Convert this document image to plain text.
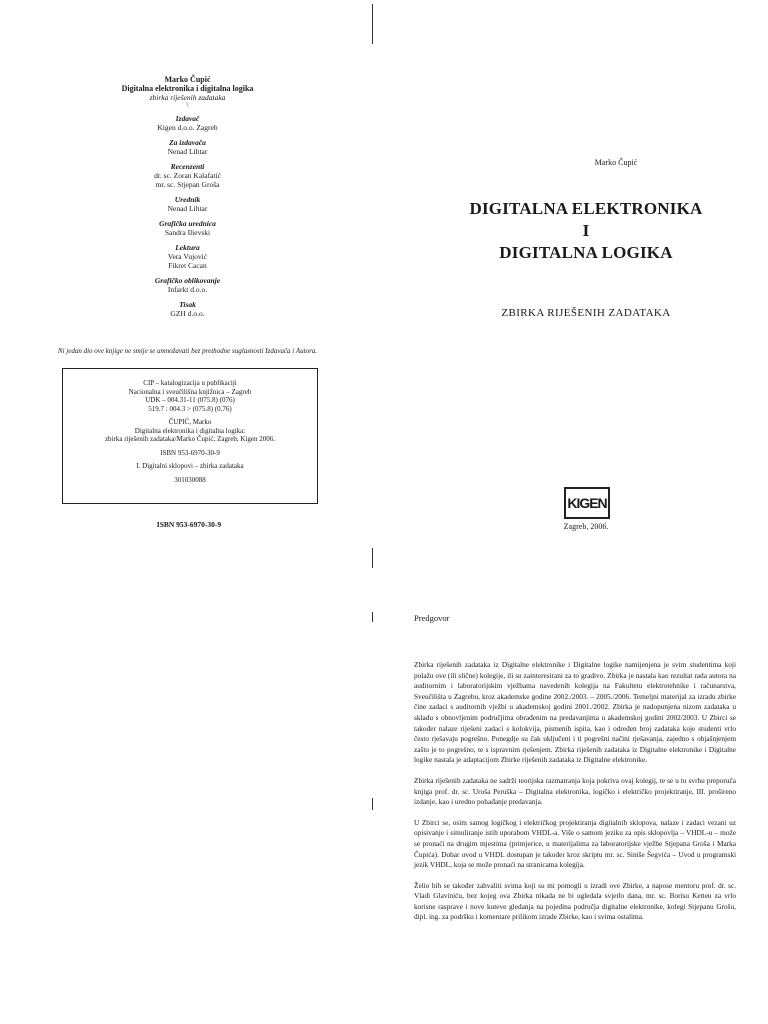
Marko Čupić
Digitalna elektronika i digitalna logika
zbirka riješenih zadataka
\
Izdavač
Kigen d.o.o. Zagreb
Za izdavača
Nenad Lihtar
Recenzenti
dr. sc. Zoran Kalafatić
mr. sc. Stjepan Groša
Urednik
Nenad Lihtar
Grafička urednica
Sandra Ilievski
Lektura
Vera Vujović
Fikret Cacan
Grafičko oblikovanje
Infarkt d.o.o.
Tisak
GZH d.o.o.
Ni jedan dio ove knjige ne smije se umnožavati bez prethodne suglasnosti Izdavača i Autora.
CIP – katalogizacija u publikaciji
Nacionalna i sveučilišna knjižnica – Zagreb
UDK – 004.31-11 (075.8) (076)
519.7 : 004.3 > (075.8) (0.76)
ČUPIĆ, Marko
Digitalna elektronika i digitalna logika:
zbirka riješenih zadataka/Marko Čupić, Zagreb, Kigen 2006.
ISBN 953-6970-30-9
I. Digitalni sklopovi – zbirka zadataka
301030088
ISBN 953-6970-30-9
Marko Čupić
DIGITALNA ELEKTRONIKA
I
DIGITALNA LOGIKA
ZBIRKA RIJEŠENIH ZADATAKA
KIGEN
Zagreb, 2006.
Predgovor

Zbirka riješenih zadataka iz Digitalne elektronike i Digitalne logike namijenjena je svim studentima koji polažu ove (ili slične) kolegije, ili su zainteresirani za to gradivo. Zbirka je nastala kao rezultat rada autora na auditornim i laboratorijskim vježbama navedenih kolegija na Fakultetu elektrotehnike i računarstva, Sveučilišta u Zagrebu, kroz akademske godine 2002./2003. – 2005./2006. Temeljni materijal za izradu zbirke čine zadaci s auditornih vježbi u akademskoj godini 2001./2002. Zbirka je nadopunjena nizom zadataka u skladu s obnovljenim područjima obrađenim na predavanjima u akademskoj godini 2002/2003. U Zbirci se također nalaze riješeni zadaci s kolokvija, pismenih ispita, kao i određen broj zadataka koje studenti vrlo često rješavaju pogrešno. Ponegdje su čak uključeni i ti pogrešni načini rješavanja, zajedno s objašnjenjem zašto je to pogrešno, te s ispravnim rješenjem. Zbirka riješenih zadataka iz Digitalne elektronike i Digitalne logike nastala je adaptacijom Zbirke riješenih zadataka iz Digitalne elektronike.

Zbirka riješenih zadataka ne sadrži teorijska razmatranja koja pokriva ovaj kolegij, te se u tu svrhu preporuča knjiga prof. dr. sc. Uroša Peruška – Digitalna elektronika, logičko i električko projektiranje, III. prošireno izdanje, kao i uredno pohađanje predavanja.

U Zbirci se, osim samog logičkog i električkog projektiranja digitalnih sklopova, nalaze i zadaci vezani uz opisivanje i simuliranje istih uporabom VHDL-a. Više o samom jeziku za opis sklopovlja – VHDL-u – može se pronaći na drugim mjestima (primjerice, u materijalima za laboratorijske vježbe Stjepana Groša i Marka Čupića). Dobar uvod u VHDL dostupan je također kroz skriptu mr. sc. Siniše Šegvića – Uvod u programski jezik VHDL, koja se može pronaći na stranicama kolegija.

Želio bih se također zahvaliti svima koji su mi pomogli u izradi ove Zbirke, a napose mentoru prof. dr. sc. Vladi Glaviniću, bez kojeg ova Zbirka nikada ne bi ugledala svjetlo dana, mr. sc. Borisu Ketteu za vrlo korisne rasprave i nove kuteve gledanja na pojedina područja digitalne elektronike, kolegi Stjepanu Grošu, dipl. ing. za podršku i komentare prilikom izrade Zbirke, kao i svima ostalima.
